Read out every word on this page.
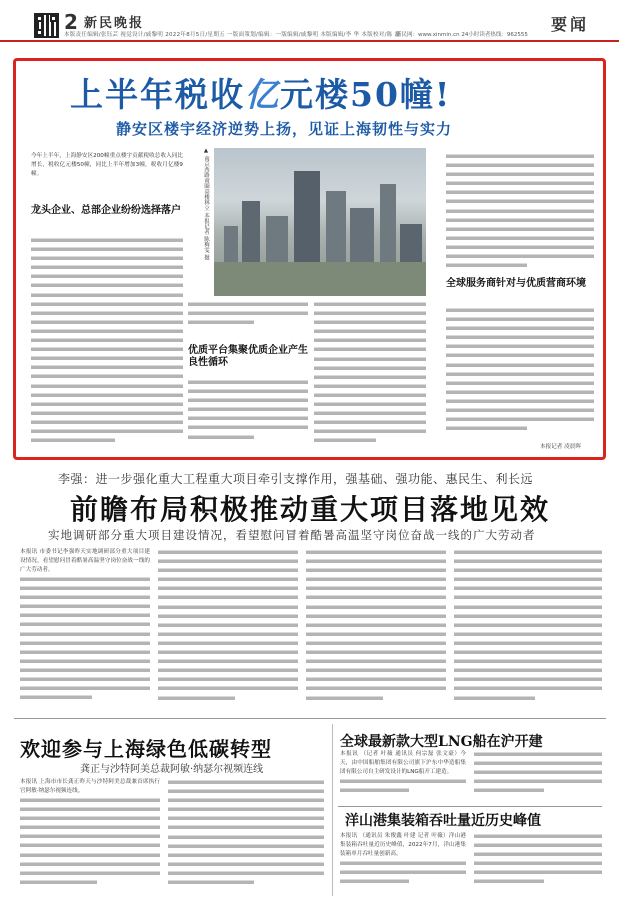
2 新民晚报	要闻
本版责任编辑/张钰芸 视觉设计/戚黎明 2022年8月5日/星期五 一版面策划/编辑：一版编辑/戚黎明 本版编辑/李 华 本版校对/陈 磊
新民网：www.xinmin.cn 24小时读者热线：962555
上半年税收亿元楼50幢!
静安区楼宇经济逆势上扬，见证上海韧性与实力
今年上半年，上海静安区200幢重点楼宇贡献税收总收入同比增长，税收亿元楼50幢，同比上半年增加3幢，税收月亿楼9幢。
龙头企业、总部企业纷纷选择落户	▲ 南京西路商圈高楼林立 本报记者 陈梅雯 摄
优质平台集聚优质企业产生良性循环
全球服务商针对与优质营商环境
本报记者 凌晨晖
李强：进一步强化重大工程重大项目牵引支撑作用，强基础、强功能、惠民生、利长远
前瞻布局积极推动重大项目落地见效
实地调研部分重大项目建设情况，看望慰问冒着酷暑高温坚守岗位奋战一线的广大劳动者
本报讯 市委书记李强昨天实地调研部分重大项目建设情况，看望慰问冒着酷暑高温坚守岗位奋战一线的广大劳动者。
欢迎参与上海绿色低碳转型
龚正与沙特阿美总裁阿敏·纳瑟尔视频连线
本报讯 上海市市长龚正昨天与沙特阿美总裁兼首席执行官阿敏·纳瑟尔视频连线。
全球最新款大型LNG船在沪开建
本报讯 （记者 叶薇 通讯员 何宗磊 张文豪）今天，由中国船舶集团有限公司旗下沪东中华造船集团有限公司自主研发设计的LNG船开工建造。
洋山港集装箱吞吐量近历史峰值
本报讯 （通讯员 朱俊鑫 叶建 记者 叶薇）洋山港集装箱吞吐量近历史峰值，2022年7月，洋山港集装箱单月吞吐量创新高。
